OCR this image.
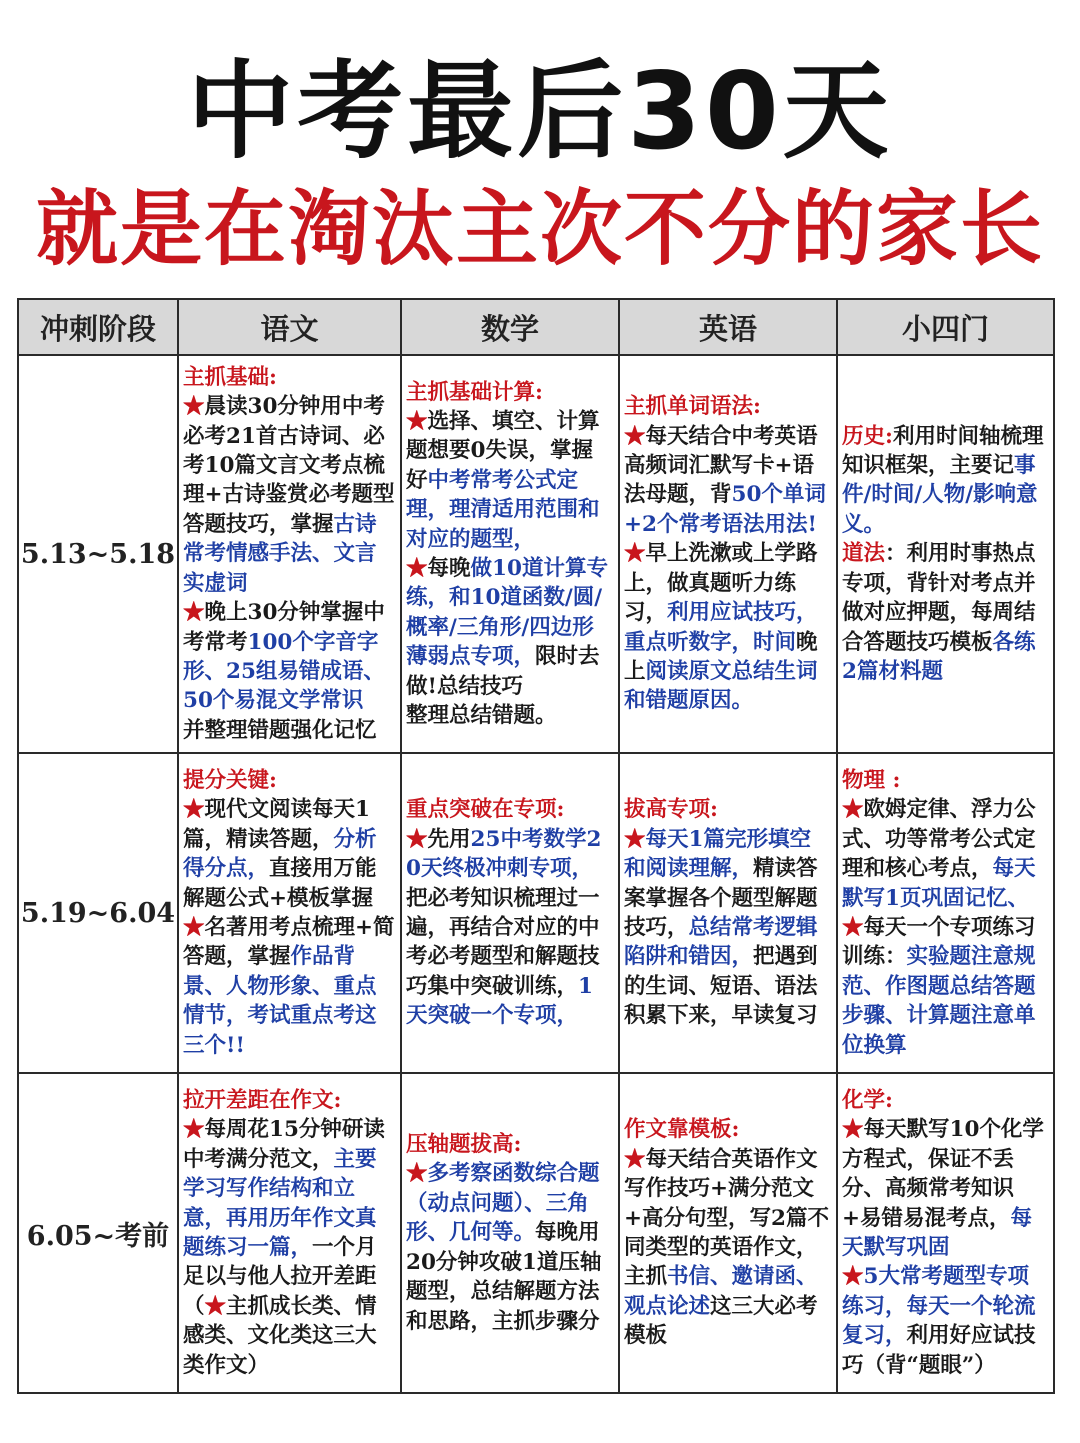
中考最后30天
就是在淘汰主次不分的家长
冲刺阶段	语文	数学	英语	小四门
5.13~5.18	主抓基础:
★晨读30分钟用中考必考21首古诗词、必考10篇文言文考点梳理+古诗鉴赏必考题型答题技巧，掌握古诗常考情感手法、文言实虚词
★晚上30分钟掌握中考常考100个字音字形、25组易错成语、50个易混文学常识
并整理错题强化记忆	主抓基础计算:
★选择、填空、计算题想要0失误，掌握好中考常考公式定理，理清适用范围和对应的题型，
★每晚做10道计算专练，和10道函数/圆/概率/三角形/四边形薄弱点专项，限时去做!总结技巧
整理总结错题。	主抓单词语法:
★每天结合中考英语高频词汇默写卡+语法母题，背50个单词+2个常考语法用法!
★早上洗漱或上学路上，做真题听力练习，利用应试技巧，重点听数字，时间晚上阅读原文总结生词和错题原因。	历史:利用时间轴梳理知识框架，主要记事件/时间/人物/影响意义。
道法：利用时事热点专项，背针对考点并做对应押题，每周结合答题技巧模板各练2篇材料题
5.19~6.04	提分关键:
★现代文阅读每天1篇，精读答题，分析得分点，直接用万能解题公式+模板掌握
★名著用考点梳理+简答题，掌握作品背景、人物形象、重点情节，考试重点考这三个!!	重点突破在专项:
★先用25中考数学20天终极冲刺专项，把必考知识梳理过一遍，再结合对应的中考必考题型和解题技巧集中突破训练，1天突破一个专项，	拔高专项:
★每天1篇完形填空和阅读理解，精读答案掌握各个题型解题技巧，总结常考逻辑陷阱和错因，把遇到的生词、短语、语法积累下来，早读复习	物理 :
★欧姆定律、浮力公式、功等常考公式定理和核心考点，每天默写1页巩固记忆、
★每天一个专项练习训练：实验题注意规范、作图题总结答题步骤、计算题注意单位换算
6.05~考前	拉开差距在作文:
★每周花15分钟研读中考满分范文，主要学习写作结构和立意，再用历年作文真题练习一篇，一个月足以与他人拉开差距（★主抓成长类、情感类、文化类这三大类作文）	压轴题拔高:
★多考察函数综合题（动点问题）、三角形、几何等。每晚用20分钟攻破1道压轴题型，总结解题方法和思路，主抓步骤分	作文靠模板:
★每天结合英语作文写作技巧+满分范文+高分句型，写2篇不同类型的英语作文，主抓书信、邀请函、观点论述这三大必考模板	化学:
★每天默写10个化学方程式，保证不丢分、高频常考知识+易错易混考点，每天默写巩固
★5大常考题型专项练习，每天一个轮流复习，利用好应试技巧（背“题眼”）
